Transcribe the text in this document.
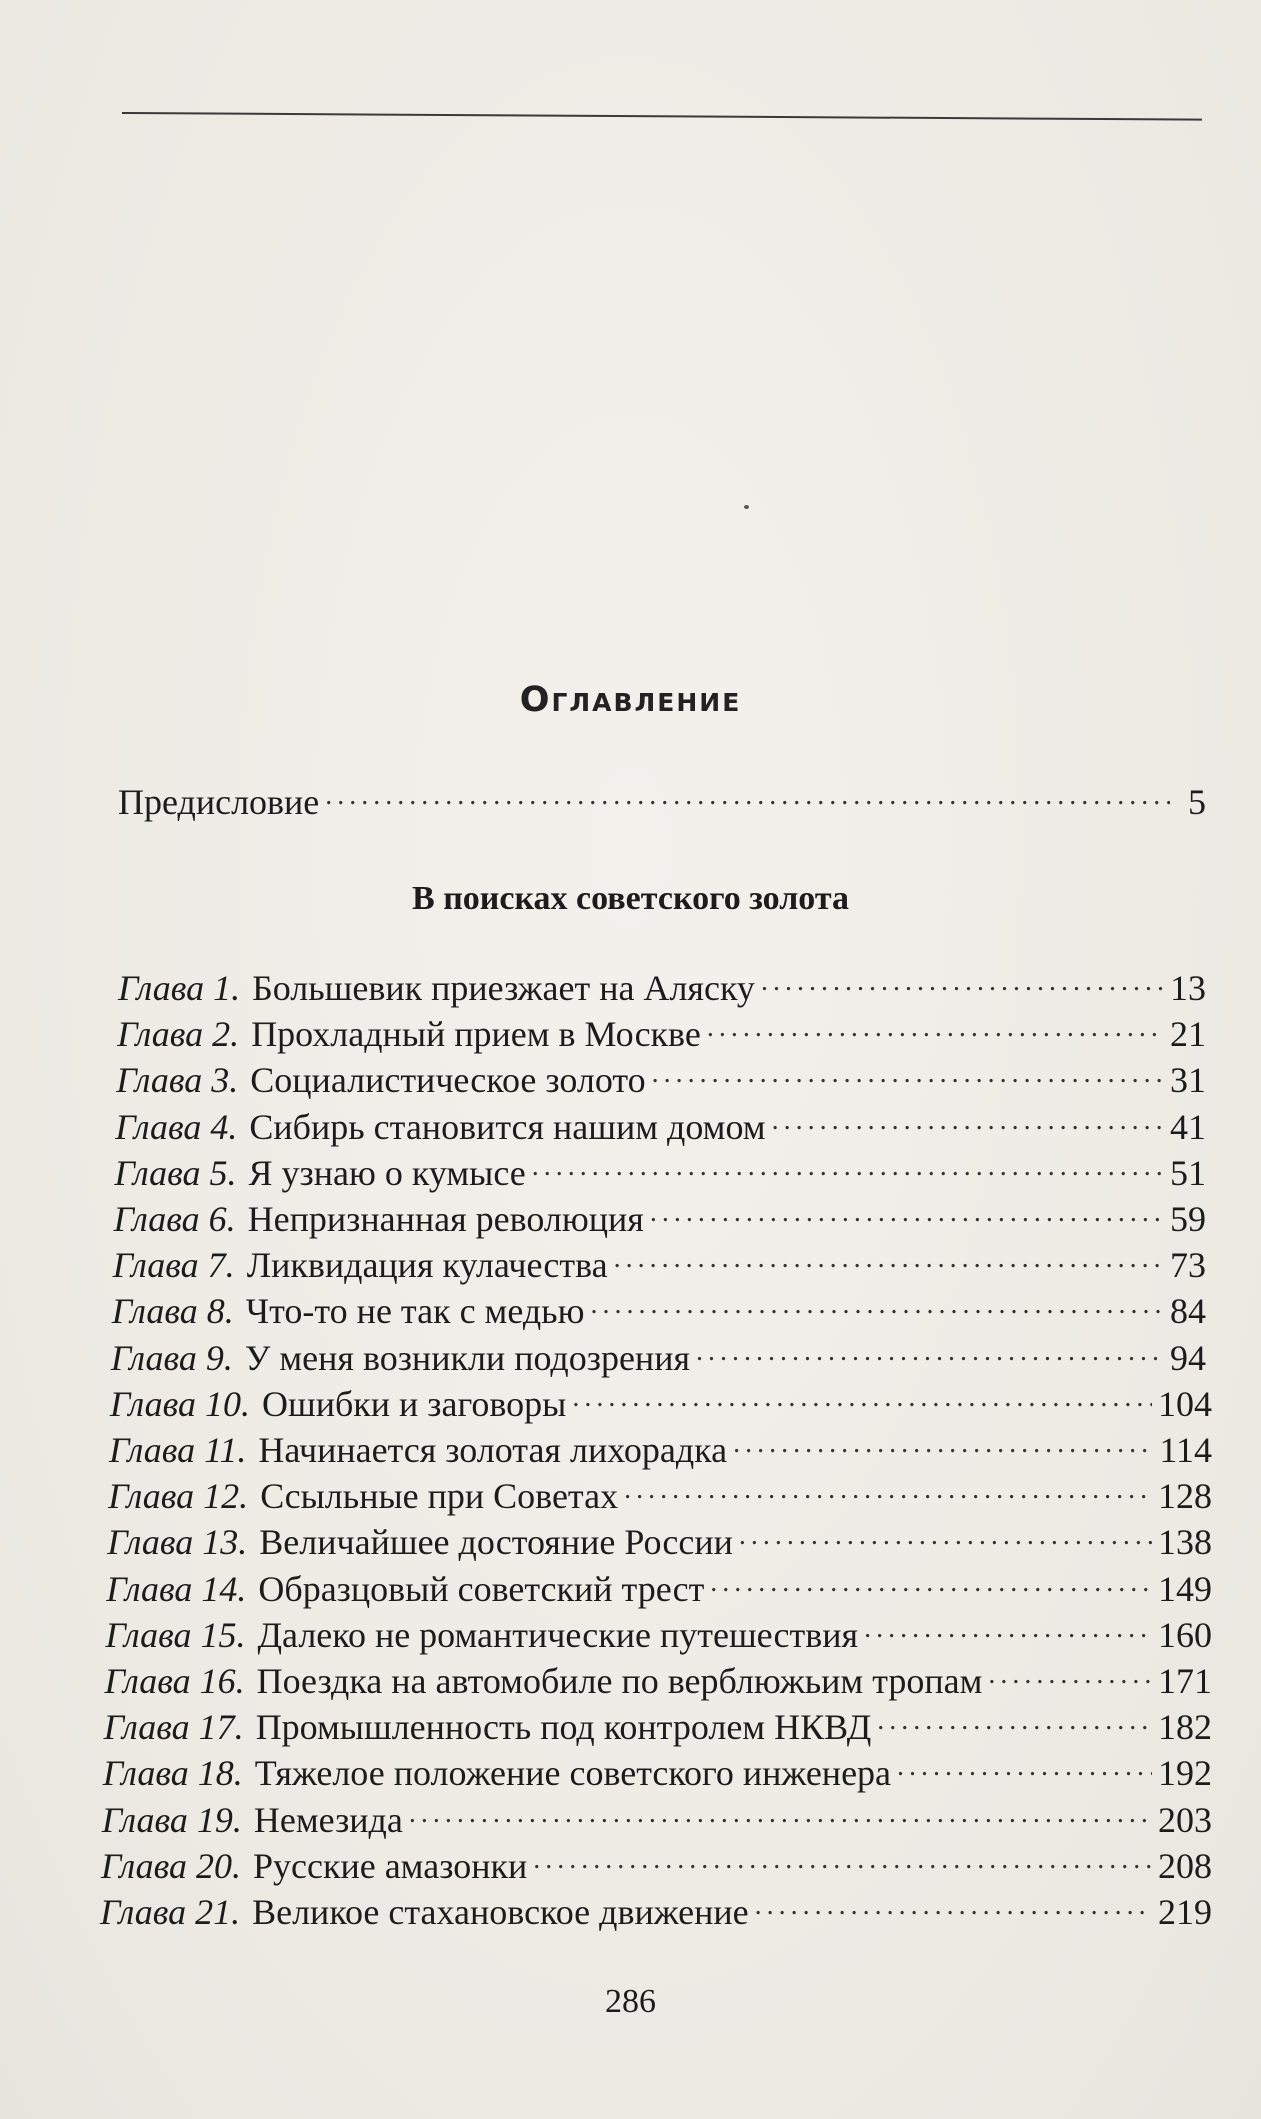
Оглавление
Предисловие . . .	5
В пoисках советского золота
Глава 1. Большевик приезжает на Аляску . . .	13
Глава 2. Прохладный прием в Москве . . .	21
Глава 3. Социалистическое золото . . .	31
Глава 4. Сибирь становится нашим домом . . .	41
Глава 5. Я узнаю о кумысе . . .	51
Глава 6. Непризнанная революция . . .	59
Глава 7. Ликвидация кулачества . . .	73
Глава 8. Что-то не так с медью . . .	84
Глава 9. У меня возникли подозрения . . .	94
Глава 10. Ошибки и заговоры . . .	104
Глава 11. Начинается золотая лихорадка . . .	114
Глава 12. Ссыльные при Советах . . .	128
Глава 13. Величайшее достояние России . . .	138
Глава 14. Образцовый советский трест . . .	149
Глава 15. Далеко не романтические путешествия . . .	160
Глава 16. Поездка на автомобиле по верблюжьим тропам . . .	171
Глава 17. Промышленность под контролем НКВД . . .	182
Глава 18. Тяжелое положение советского инженера . . .	192
Глава 19. Немезида . . .	203
Глава 20. Русские амазонки . . .	208
Глава 21. Великое стахановское движение . . .	219
286
